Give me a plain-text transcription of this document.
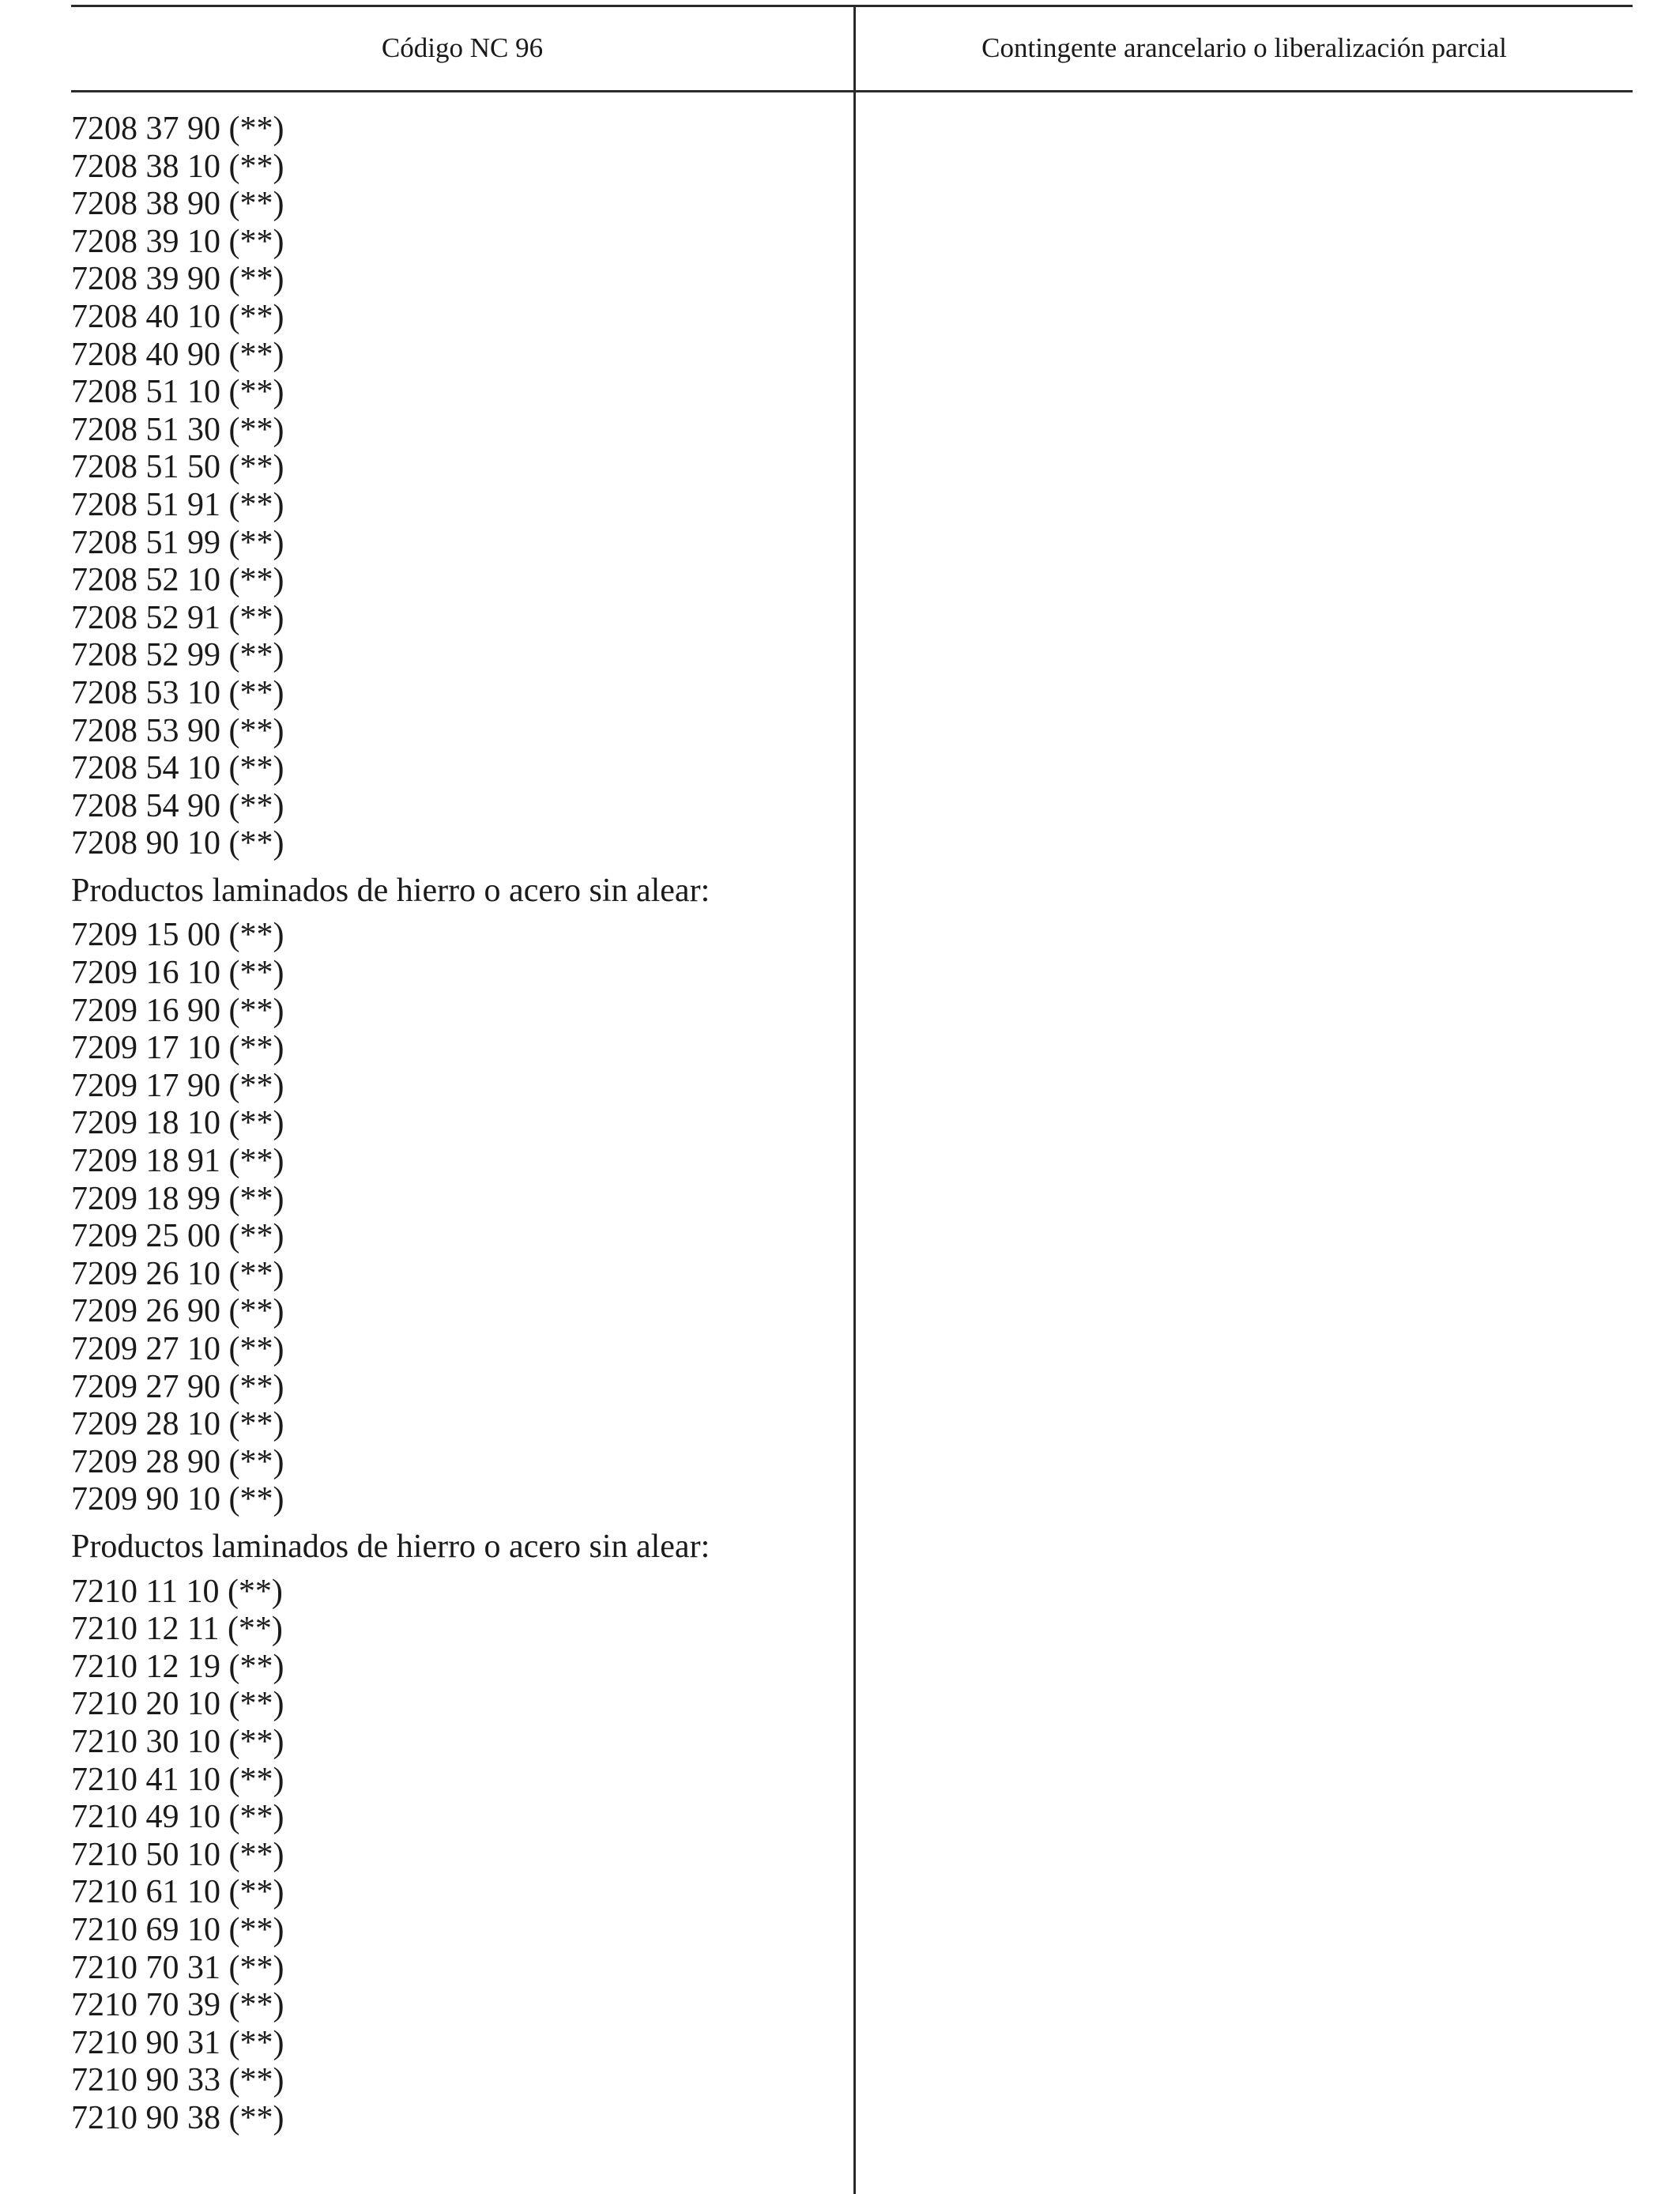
Código NC 96	Contingente arancelario o liberalización parcial
7208 37 90 (**)
7208 38 10 (**)
7208 38 90 (**)
7208 39 10 (**)
7208 39 90 (**)
7208 40 10 (**)
7208 40 90 (**)
7208 51 10 (**)
7208 51 30 (**)
7208 51 50 (**)
7208 51 91 (**)
7208 51 99 (**)
7208 52 10 (**)
7208 52 91 (**)
7208 52 99 (**)
7208 53 10 (**)
7208 53 90 (**)
7208 54 10 (**)
7208 54 90 (**)
7208 90 10 (**)
Productos laminados de hierro o acero sin alear:
7209 15 00 (**)
7209 16 10 (**)
7209 16 90 (**)
7209 17 10 (**)
7209 17 90 (**)
7209 18 10 (**)
7209 18 91 (**)
7209 18 99 (**)
7209 25 00 (**)
7209 26 10 (**)
7209 26 90 (**)
7209 27 10 (**)
7209 27 90 (**)
7209 28 10 (**)
7209 28 90 (**)
7209 90 10 (**)
Productos laminados de hierro o acero sin alear:
7210 11 10 (**)
7210 12 11 (**)
7210 12 19 (**)
7210 20 10 (**)
7210 30 10 (**)
7210 41 10 (**)
7210 49 10 (**)
7210 50 10 (**)
7210 61 10 (**)
7210 69 10 (**)
7210 70 31 (**)
7210 70 39 (**)
7210 90 31 (**)
7210 90 33 (**)
7210 90 38 (**)
